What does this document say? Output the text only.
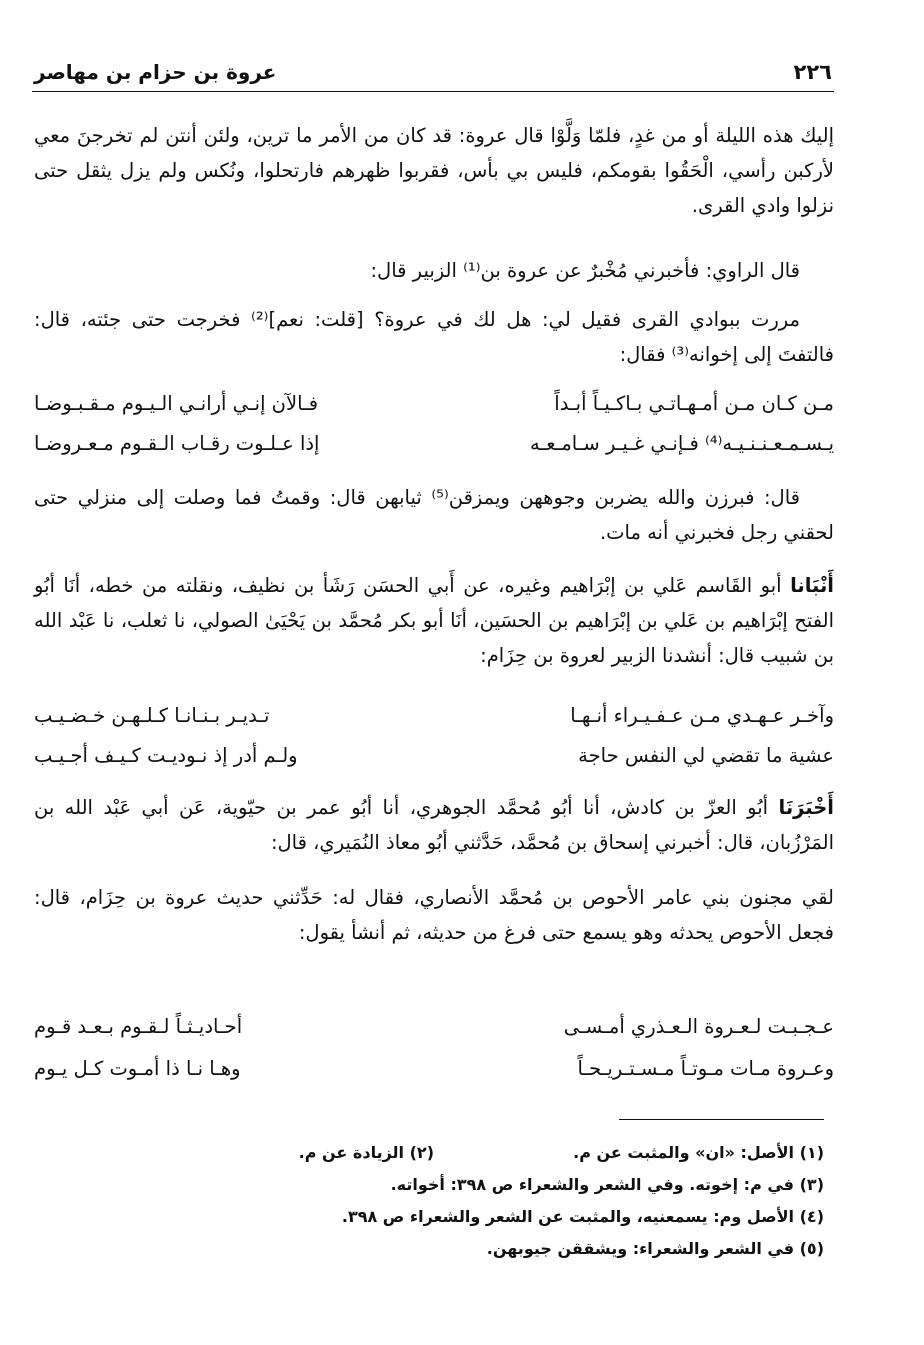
٢٢٦
عروة بن حزام بن مهاصر

إليك هذه الليلة أو من غدٍ، فلمّا وَلَّوْا قال عروة: قد كان من الأمر ما ترين، ولئن أنتن لم تخرجنَ معي لأركبن رأسي، الْحَقُوا بقومكم، فليس بي بأس، فقربوا ظهرهم فارتحلوا، ونُكس ولم يزل يثقل حتى نزلوا وادي القرى.

قال الراوي: فأخبرني مُخْبرٌ عن عروة بن⁽¹⁾ الزبير قال:

مررت ببوادي القرى فقيل لي: هل لك في عروة؟ [قلت: نعم]⁽²⁾ فخرجت حتى جئته، قال: فالتفتَ إلى إخوانه⁽³⁾ فقال:

مـن كـان مـن أمـهـاتـي بـاكـيـاً أبـداً
فـالآن إنـي أرانـي الـيـوم مـقـبـوضـا
يـسـمـعـنـنـيـه⁽⁴⁾ فـإنـي غـيـر سـامـعـه
إذا عـلـوت رقـاب الـقـوم مـعـروضـا

قال: فبرزن والله يضربن وجوههن ويمزقن⁽⁵⁾ ثيابهن قال: وقمتُ فما وصلت إلى منزلي حتى لحقني رجل فخبرني أنه مات.

أَنْبَانا أبو القَاسم عَلي بن إبْرَاهيم وغيره، عن أَبي الحسَن رَشَأ بن نظيف، ونقلته من خطه، أنَا أبُو الفتح إبْرَاهيم بن عَلي بن إبْرَاهيم بن الحسَين، أنَا أبو بكر مُحمَّد بن يَحْيَىٰ الصولي، نا ثعلب، نا عَبْد الله بن شبيب قال: أنشدنا الزبير لعروة بن حِزَام:

وآخـر عـهـدي مـن عـفـيـراء أنـهـا
تـديـر بـنـانـا كـلـهـن خـضـيـب
عشية ما تقضي لي النفس حاجة
ولـم أدر إذ نـوديـت كـيـف أجـيـب

أَخْبَرَنَا أبُو العزّ بن كادش، أنا أبُو مُحمَّد الجوهري، أنا أبُو عمر بن حيّوية، عَن أبي عَبْد الله بن المَرْزُبان، قال: أخبرني إسحاق بن مُحمَّد، حَدَّثني أبُو معاذ النُمَيري، قال:

لقي مجنون بني عامر الأحوص بن مُحمَّد الأنصاري، فقال له: حَدِّثني حديث عروة بن حِزَام، قال: فجعل الأحوص يحدثه وهو يسمع حتى فرغ من حديثه، ثم أنشأ يقول:

عـجـبـت لـعـروة الـعـذري أمـسـى
أحـاديـثـاً لـقـوم بـعـد قـوم
وعـروة مـات مـوتـاً مـسـتـريـحـاً
وهـا نـا ذا أمـوت كـل يـوم
(١) الأصل: «ان» والمثبت عن م.
(٢) الزيادة عن م.
(٣) في م: إخوته. وفي الشعر والشعراء ص ٣٩٨: أخواته.
(٤) الأصل وم: يسمعنيه، والمثبت عن الشعر والشعراء ص ٣٩٨.
(٥) في الشعر والشعراء: ويشققن جيوبهن.
